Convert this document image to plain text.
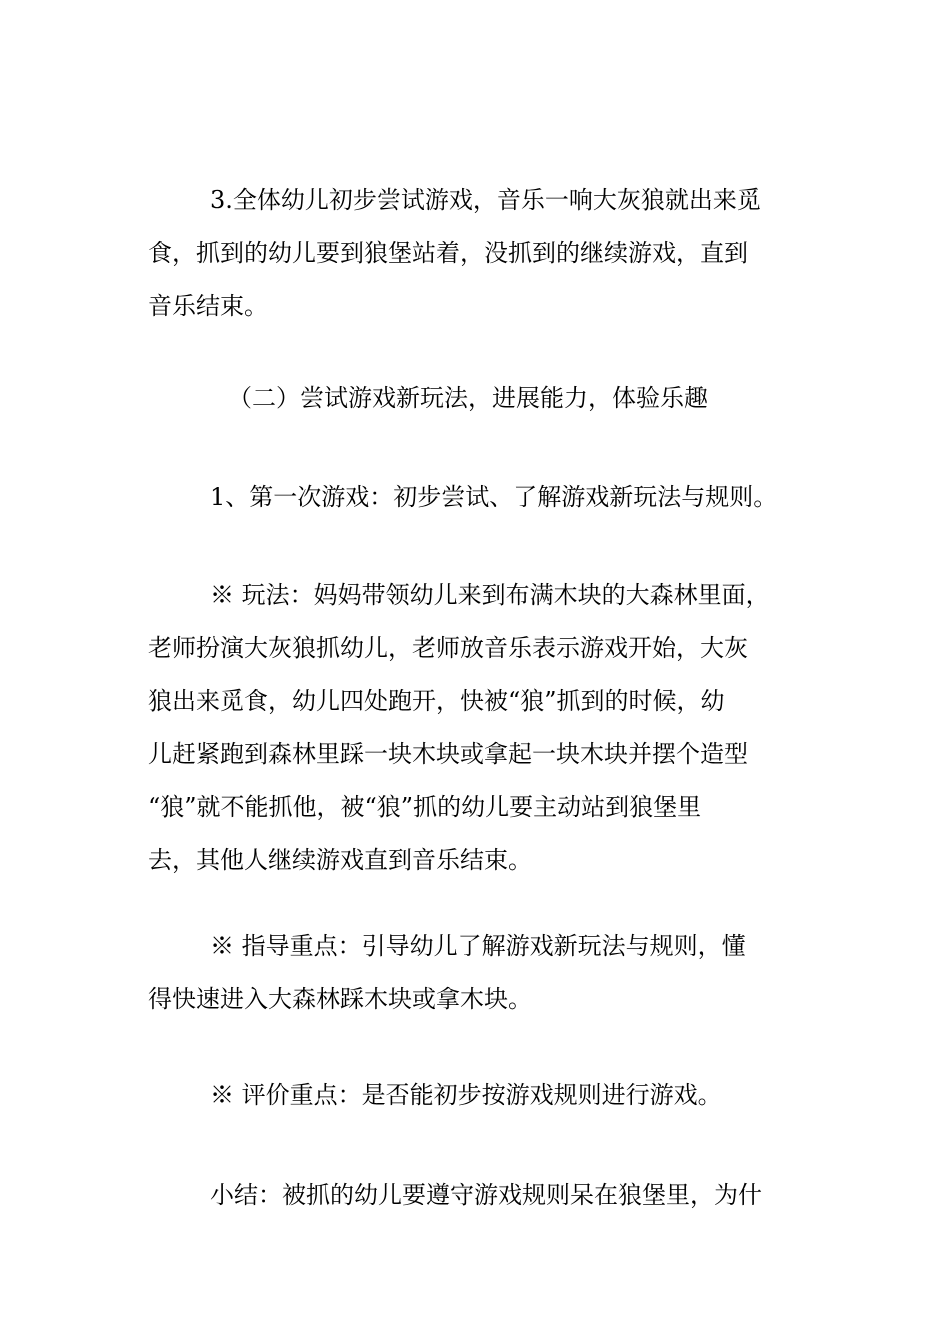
3.全体幼儿初步尝试游戏，音乐一响大灰狼就出来觅
食，抓到的幼儿要到狼堡站着，没抓到的继续游戏，直到
音乐结束。
（二）尝试游戏新玩法，进展能力，体验乐趣
1、第一次游戏：初步尝试、了解游戏新玩法与规则。
※ 玩法：妈妈带领幼儿来到布满木块的大森林里面，
老师扮演大灰狼抓幼儿，老师放音乐表示游戏开始，大灰
狼出来觅食，幼儿四处跑开，快被“狼”抓到的时候，幼
儿赶紧跑到森林里踩一块木块或拿起一块木块并摆个造型
“狼”就不能抓他，被“狼”抓的幼儿要主动站到狼堡里
去，其他人继续游戏直到音乐结束。
※ 指导重点：引导幼儿了解游戏新玩法与规则，懂
得快速进入大森林踩木块或拿木块。
※ 评价重点：是否能初步按游戏规则进行游戏。
小结：被抓的幼儿要遵守游戏规则呆在狼堡里，为什
